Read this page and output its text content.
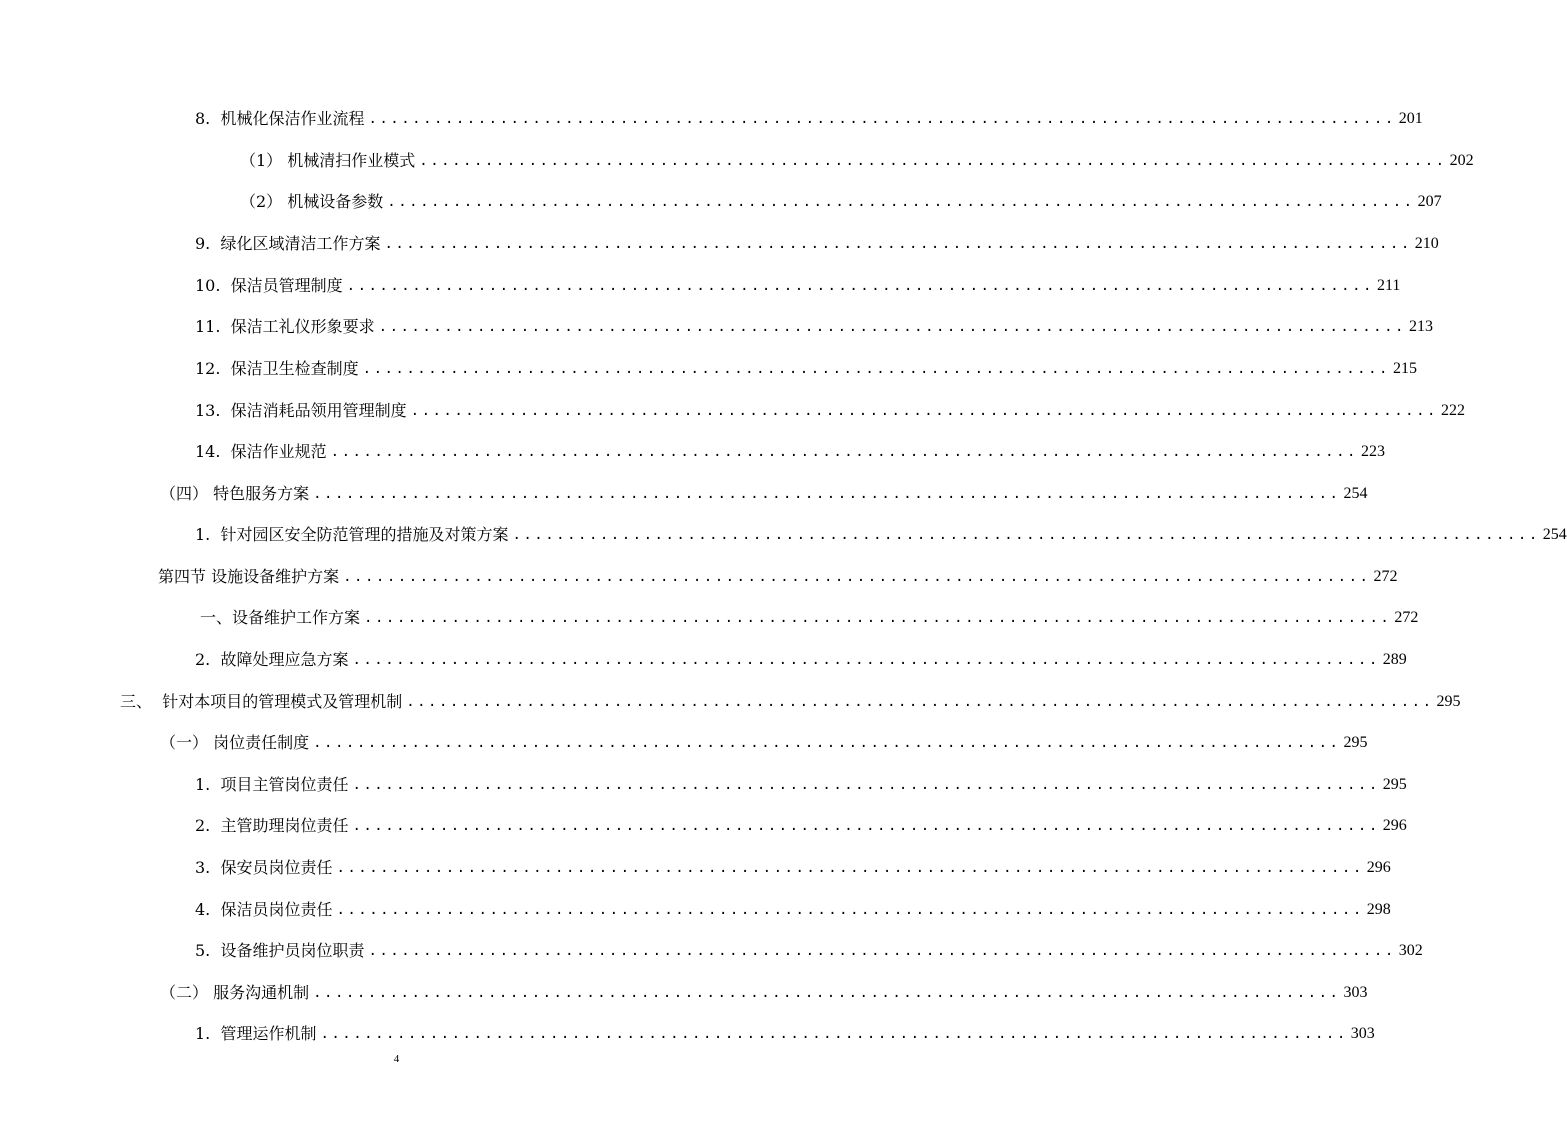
8.
机械化保洁作业流程 .............................................................................................. 201
（1）
机械清扫作业模式 .............................................................................................. 202
（2）
机械设备参数 .............................................................................................. 207
9.
绿化区域清洁工作方案 .............................................................................................. 210
10.
保洁员管理制度 .............................................................................................. 211
11.
保洁工礼仪形象要求 .............................................................................................. 213
12.
保洁卫生检查制度 .............................................................................................. 215
13.
保洁消耗品领用管理制度 .............................................................................................. 222
14.
保洁作业规范 .............................................................................................. 223
（四）
特色服务方案 .............................................................................................. 254
1.
针对园区安全防范管理的措施及对策方案 .............................................................................................. 254
第四节
设施设备维护方案 .............................................................................................. 272
一、 设备维护工作方案 .............................................................................................. 272
2.
故障处理应急方案 .............................................................................................. 289
三、
针对本项目的管理模式及管理机制 .............................................................................................. 295
（一）
岗位责任制度 .............................................................................................. 295
1.
项目主管岗位责任 .............................................................................................. 295
2.
主管助理岗位责任 .............................................................................................. 296
3.
保安员岗位责任 .............................................................................................. 296
4.
保洁员岗位责任 .............................................................................................. 298
5.
设备维护员岗位职责 .............................................................................................. 302
（二）
服务沟通机制 .............................................................................................. 303
1.
管理运作机制 .............................................................................................. 303
4
